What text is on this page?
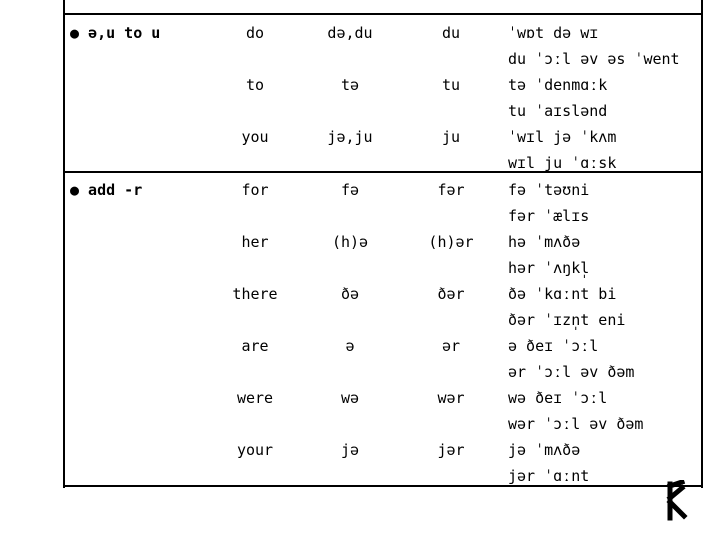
● ə,u to u	do	də,du	du	ˈwɒt də wɪ
du ˈɔːl əv əs ˈwent
to	tə	tu	tə ˈdenmɑːk
tu ˈaɪslənd
you	jə,ju	ju	ˈwɪl jə ˈkʌm
wɪl ju ˈɑːsk
● add -r	for	fə	fər	fə ˈtəʊni
fər ˈælɪs
her	(h)ə	(h)ər	hə ˈmʌðə
hər ˈʌŋkl̩
there	ðə	ðər	ðə ˈkɑːnt bi
ðər ˈɪzn̩t eni
are	ə	ər	ə ðeɪ ˈɔːl
ər ˈɔːl əv ðəm
were	wə	wər	wə ðeɪ ˈɔːl
wər ˈɔːl əv ðəm
your	jə	jər	jə ˈmʌðə
jər ˈɑːnt
